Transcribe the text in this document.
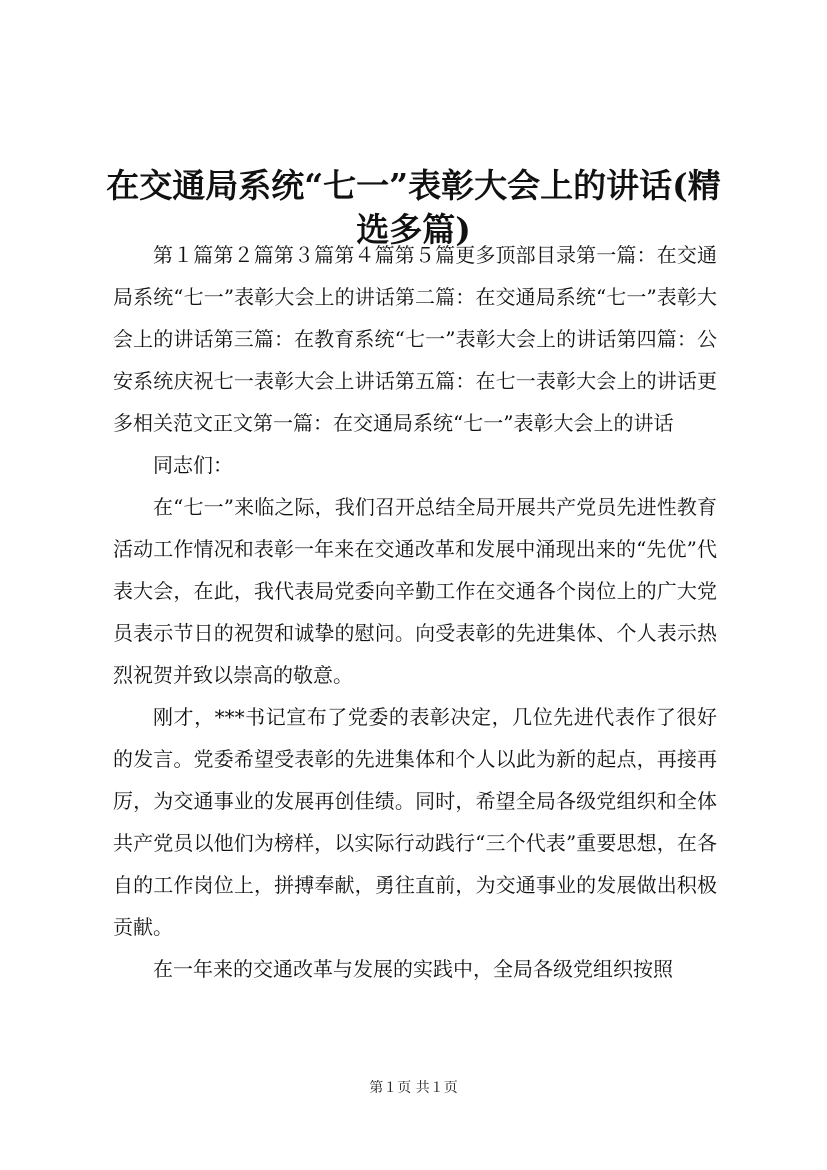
在交通局系统“七一”表彰大会上的讲话(精选多篇)

第１篇第２篇第３篇第４篇第５篇更多顶部目录第一篇：在交通局系统“七一”表彰大会上的讲话第二篇：在交通局系统“七一”表彰大会上的讲话第三篇：在教育系统“七一”表彰大会上的讲话第四篇：公安系统庆祝七一表彰大会上讲话第五篇：在七一表彰大会上的讲话更多相关范文正文第一篇：在交通局系统“七一”表彰大会上的讲话

同志们：

在“七一”来临之际，我们召开总结全局开展共产党员先进性教育活动工作情况和表彰一年来在交通改革和发展中涌现出来的“先优”代表大会，在此，我代表局党委向辛勤工作在交通各个岗位上的广大党员表示节日的祝贺和诚挚的慰问。向受表彰的先进集体、个人表示热烈祝贺并致以崇高的敬意。

刚才，***书记宣布了党委的表彰决定，几位先进代表作了很好的发言。党委希望受表彰的先进集体和个人以此为新的起点，再接再厉，为交通事业的发展再创佳绩。同时，希望全局各级党组织和全体共产党员以他们为榜样，以实际行动践行“三个代表”重要思想，在各自的工作岗位上，拼搏奉献，勇往直前，为交通事业的发展做出积极贡献。

在一年来的交通改革与发展的实践中，全局各级党组织按照

第１页 共１页
